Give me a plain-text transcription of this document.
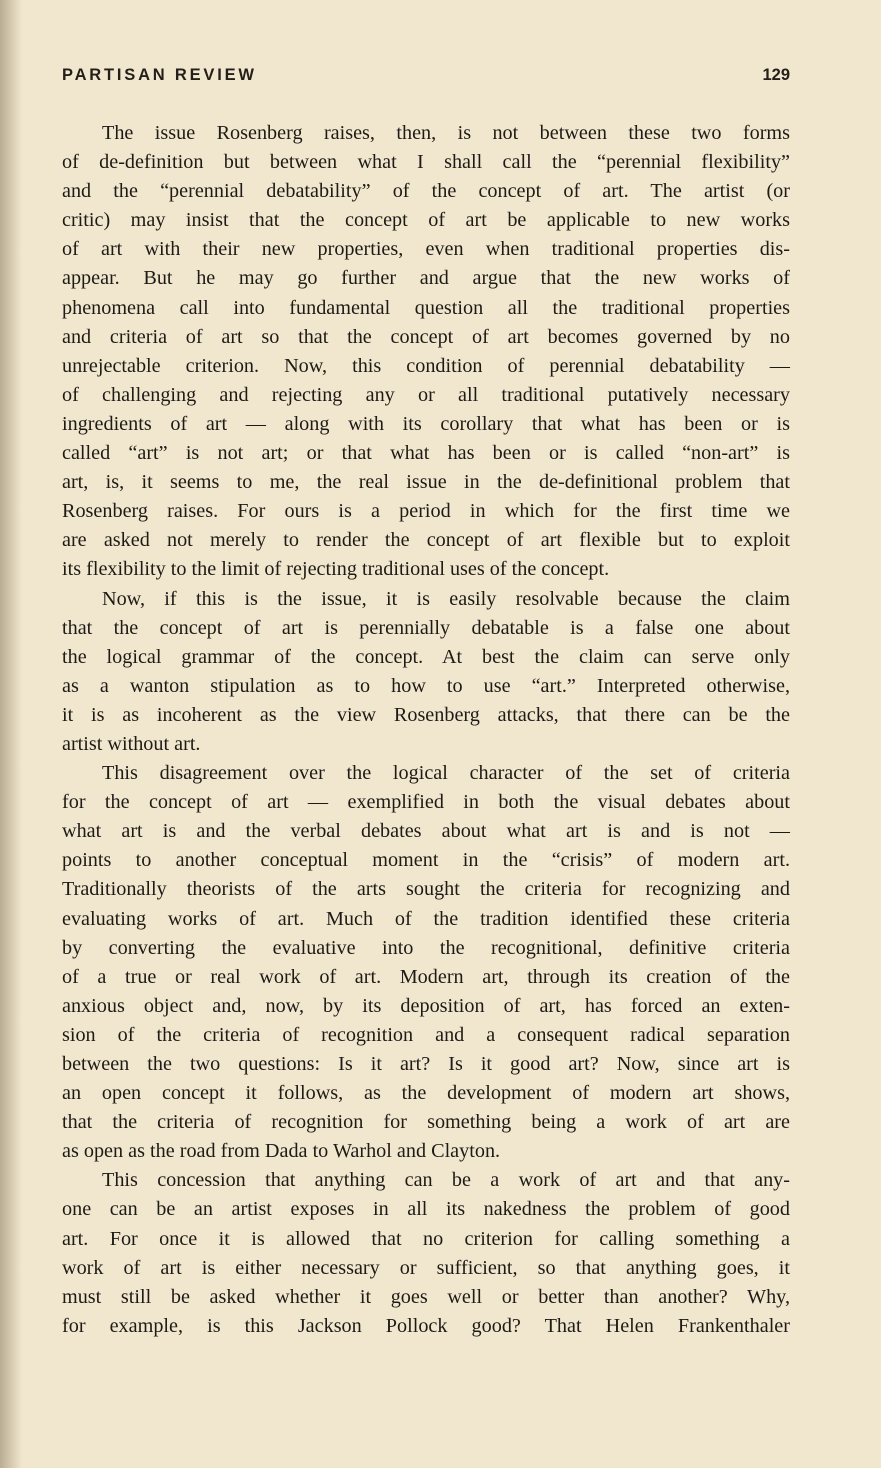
PARTISAN REVIEW	129
The issue Rosenberg raises, then, is not between these two forms
of de-definition but between what I shall call the “perennial flexibility”
and the “perennial debatability” of the concept of art. The artist (or
critic) may insist that the concept of art be applicable to new works
of art with their new properties, even when traditional properties dis-
appear. But he may go further and argue that the new works of
phenomena call into fundamental question all the traditional properties
and criteria of art so that the concept of art becomes governed by no
unrejectable criterion. Now, this condition of perennial debatability —
of challenging and rejecting any or all traditional putatively necessary
ingredients of art — along with its corollary that what has been or is
called “art” is not art; or that what has been or is called “non-art” is
art, is, it seems to me, the real issue in the de-definitional problem that
Rosenberg raises. For ours is a period in which for the first time we
are asked not merely to render the concept of art flexible but to exploit
its flexibility to the limit of rejecting traditional uses of the concept.
Now, if this is the issue, it is easily resolvable because the claim
that the concept of art is perennially debatable is a false one about
the logical grammar of the concept. At best the claim can serve only
as a wanton stipulation as to how to use “art.” Interpreted otherwise,
it is as incoherent as the view Rosenberg attacks, that there can be the
artist without art.
This disagreement over the logical character of the set of criteria
for the concept of art — exemplified in both the visual debates about
what art is and the verbal debates about what art is and is not —
points to another conceptual moment in the “crisis” of modern art.
Traditionally theorists of the arts sought the criteria for recognizing and
evaluating works of art. Much of the tradition identified these criteria
by converting the evaluative into the recognitional, definitive criteria
of a true or real work of art. Modern art, through its creation of the
anxious object and, now, by its deposition of art, has forced an exten-
sion of the criteria of recognition and a consequent radical separation
between the two questions: Is it art? Is it good art? Now, since art is
an open concept it follows, as the development of modern art shows,
that the criteria of recognition for something being a work of art are
as open as the road from Dada to Warhol and Clayton.
This concession that anything can be a work of art and that any-
one can be an artist exposes in all its nakedness the problem of good
art. For once it is allowed that no criterion for calling something a
work of art is either necessary or sufficient, so that anything goes, it
must still be asked whether it goes well or better than another? Why,
for example, is this Jackson Pollock good? That Helen Frankenthaler
